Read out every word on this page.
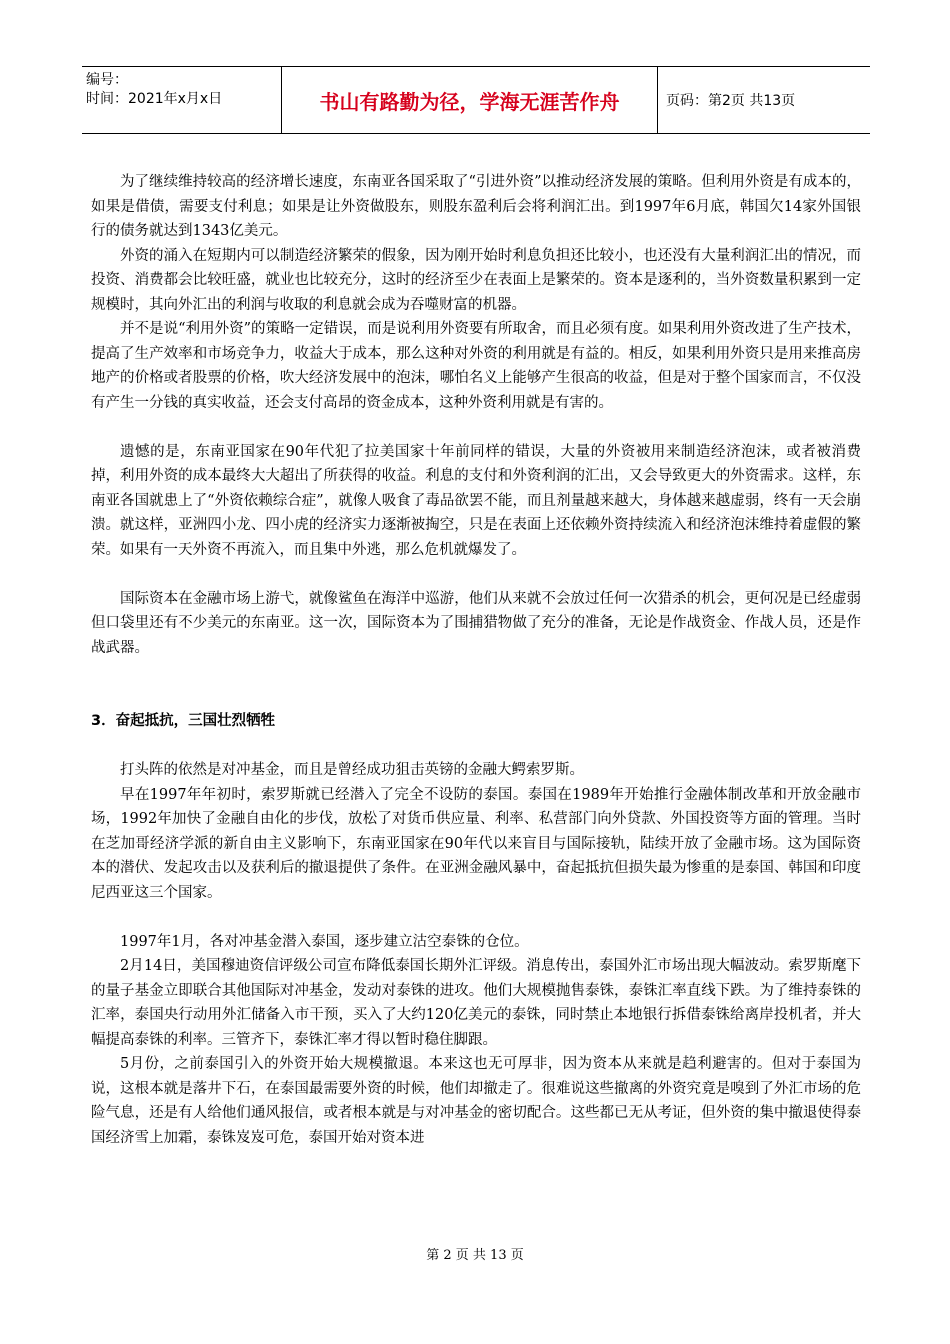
编号：
时间：2021年x月x日	书山有路勤为径，学海无涯苦作舟	页码：第2页 共13页

为了继续维持较高的经济增长速度，东南亚各国采取了“引进外资”以推动经济发展的策略。但利用外资是有成本的，如果是借债，需要支付利息；如果是让外资做股东，则股东盈利后会将利润汇出。到1997年6月底，韩国欠14家外国银行的债务就达到1343亿美元。

外资的涌入在短期内可以制造经济繁荣的假象，因为刚开始时利息负担还比较小，也还没有大量利润汇出的情况，而投资、消费都会比较旺盛，就业也比较充分，这时的经济至少在表面上是繁荣的。资本是逐利的，当外资数量积累到一定规模时，其向外汇出的利润与收取的利息就会成为吞噬财富的机器。

并不是说“利用外资”的策略一定错误，而是说利用外资要有所取舍，而且必须有度。如果利用外资改进了生产技术，提高了生产效率和市场竞争力，收益大于成本，那么这种对外资的利用就是有益的。相反，如果利用外资只是用来推高房地产的价格或者股票的价格，吹大经济发展中的泡沫，哪怕名义上能够产生很高的收益，但是对于整个国家而言，不仅没有产生一分钱的真实收益，还会支付高昂的资金成本，这种外资利用就是有害的。

遗憾的是，东南亚国家在90年代犯了拉美国家十年前同样的错误，大量的外资被用来制造经济泡沫，或者被消费掉，利用外资的成本最终大大超出了所获得的收益。利息的支付和外资利润的汇出，又会导致更大的外资需求。这样，东南亚各国就患上了“外资依赖综合症”，就像人吸食了毒品欲罢不能，而且剂量越来越大，身体越来越虚弱，终有一天会崩溃。就这样，亚洲四小龙、四小虎的经济实力逐渐被掏空，只是在表面上还依赖外资持续流入和经济泡沫维持着虚假的繁荣。如果有一天外资不再流入，而且集中外逃，那么危机就爆发了。

国际资本在金融市场上游弋，就像鲨鱼在海洋中巡游，他们从来就不会放过任何一次猎杀的机会，更何况是已经虚弱但口袋里还有不少美元的东南亚。这一次，国际资本为了围捕猎物做了充分的准备，无论是作战资金、作战人员，还是作战武器。

3．奋起抵抗，三国壮烈牺牲

打头阵的依然是对冲基金，而且是曾经成功狙击英镑的金融大鳄索罗斯。

早在1997年年初时，索罗斯就已经潜入了完全不设防的泰国。泰国在1989年开始推行金融体制改革和开放金融市场，1992年加快了金融自由化的步伐，放松了对货币供应量、利率、私营部门向外贷款、外国投资等方面的管理。当时在芝加哥经济学派的新自由主义影响下，东南亚国家在90年代以来盲目与国际接轨，陆续开放了金融市场。这为国际资本的潜伏、发起攻击以及获利后的撤退提供了条件。在亚洲金融风暴中，奋起抵抗但损失最为惨重的是泰国、韩国和印度尼西亚这三个国家。

1997年1月，各对冲基金潜入泰国，逐步建立沽空泰铢的仓位。

2月14日，美国穆迪资信评级公司宣布降低泰国长期外汇评级。消息传出，泰国外汇市场出现大幅波动。索罗斯麾下的量子基金立即联合其他国际对冲基金，发动对泰铢的进攻。他们大规模抛售泰铢，泰铢汇率直线下跌。为了维持泰铢的汇率，泰国央行动用外汇储备入市干预，买入了大约120亿美元的泰铢，同时禁止本地银行拆借泰铢给离岸投机者，并大幅提高泰铢的利率。三管齐下，泰铢汇率才得以暂时稳住脚跟。

5月份，之前泰国引入的外资开始大规模撤退。本来这也无可厚非，因为资本从来就是趋利避害的。但对于泰国为说，这根本就是落井下石，在泰国最需要外资的时候，他们却撤走了。很难说这些撤离的外资究竟是嗅到了外汇市场的危险气息，还是有人给他们通风报信，或者根本就是与对冲基金的密切配合。这些都已无从考证，但外资的集中撤退使得泰国经济雪上加霜，泰铢岌岌可危，泰国开始对资本进

第 2 页 共 13 页
